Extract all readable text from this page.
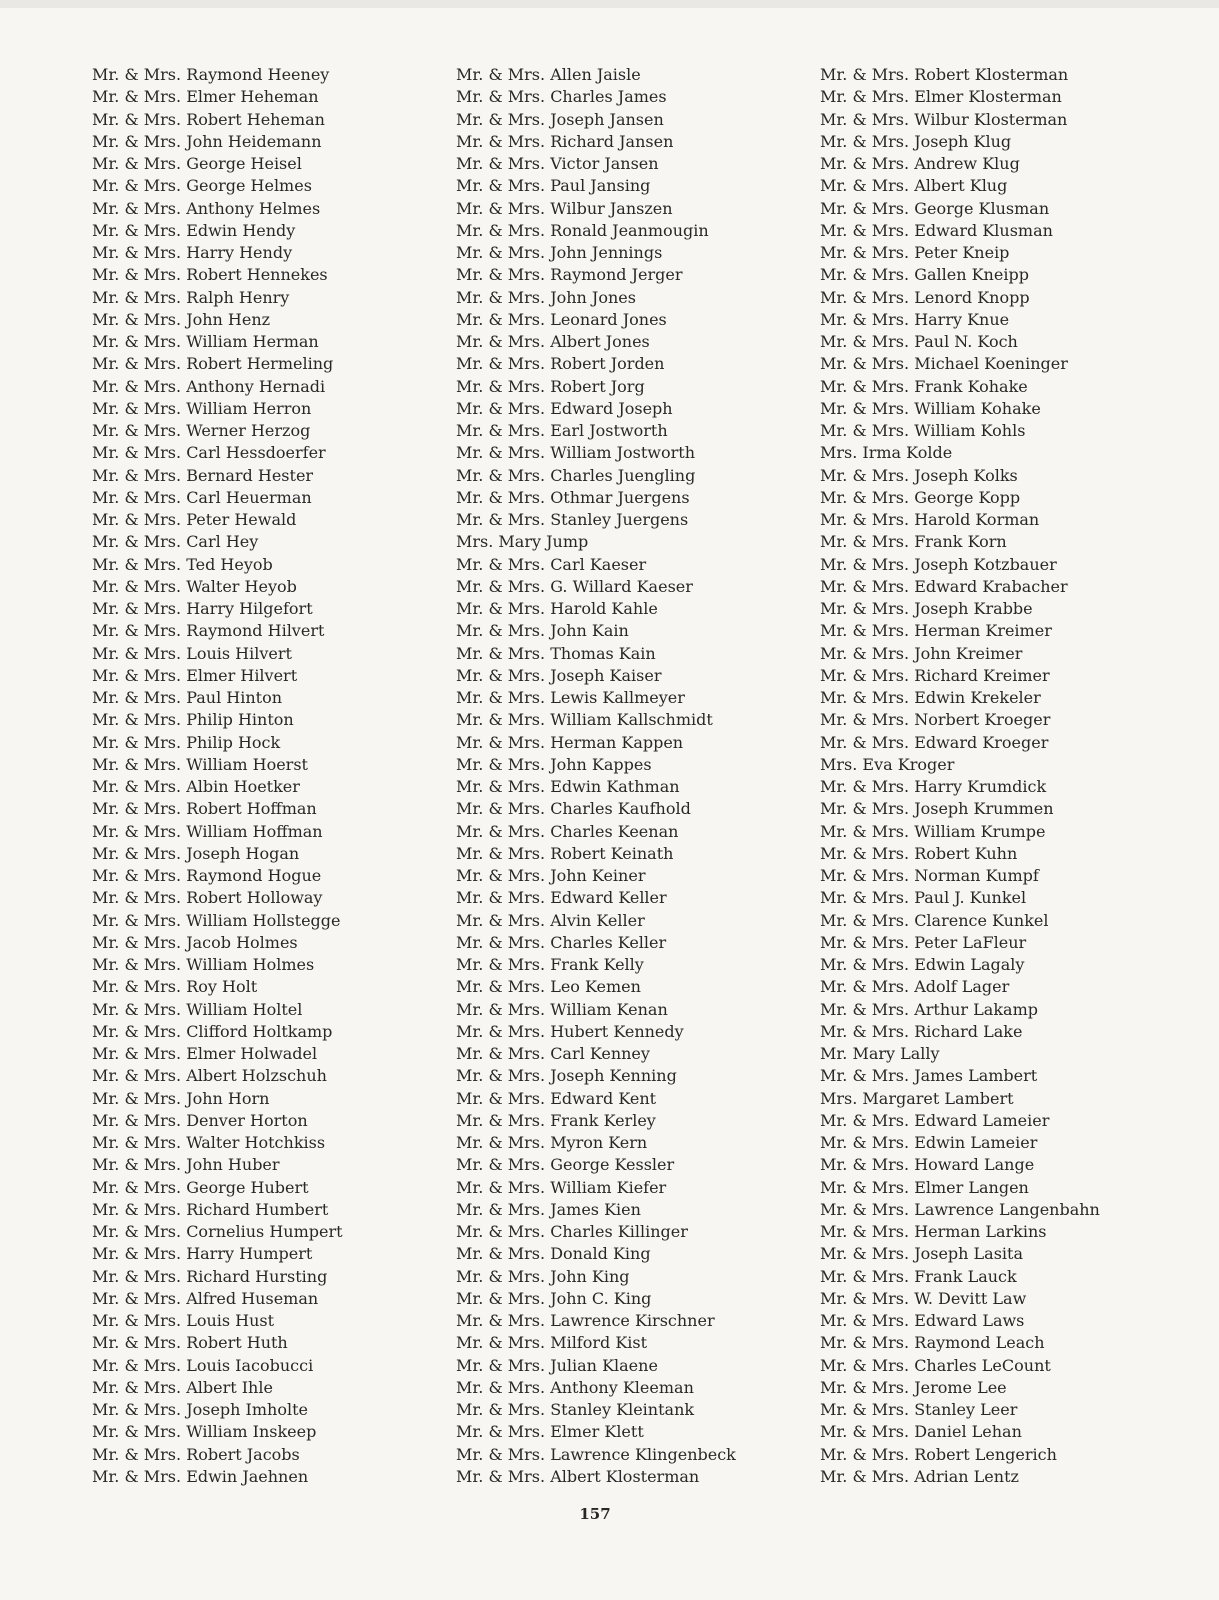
Mr. & Mrs. Raymond Heeney
Mr. & Mrs. Elmer Heheman
Mr. & Mrs. Robert Heheman
Mr. & Mrs. John Heidemann
Mr. & Mrs. George Heisel
Mr. & Mrs. George Helmes
Mr. & Mrs. Anthony Helmes
Mr. & Mrs. Edwin Hendy
Mr. & Mrs. Harry Hendy
Mr. & Mrs. Robert Hennekes
Mr. & Mrs. Ralph Henry
Mr. & Mrs. John Henz
Mr. & Mrs. William Herman
Mr. & Mrs. Robert Hermeling
Mr. & Mrs. Anthony Hernadi
Mr. & Mrs. William Herron
Mr. & Mrs. Werner Herzog
Mr. & Mrs. Carl Hessdoerfer
Mr. & Mrs. Bernard Hester
Mr. & Mrs. Carl Heuerman
Mr. & Mrs. Peter Hewald
Mr. & Mrs. Carl Hey
Mr. & Mrs. Ted Heyob
Mr. & Mrs. Walter Heyob
Mr. & Mrs. Harry Hilgefort
Mr. & Mrs. Raymond Hilvert
Mr. & Mrs. Louis Hilvert
Mr. & Mrs. Elmer Hilvert
Mr. & Mrs. Paul Hinton
Mr. & Mrs. Philip Hinton
Mr. & Mrs. Philip Hock
Mr. & Mrs. William Hoerst
Mr. & Mrs. Albin Hoetker
Mr. & Mrs. Robert Hoffman
Mr. & Mrs. William Hoffman
Mr. & Mrs. Joseph Hogan
Mr. & Mrs. Raymond Hogue
Mr. & Mrs. Robert Holloway
Mr. & Mrs. William Hollstegge
Mr. & Mrs. Jacob Holmes
Mr. & Mrs. William Holmes
Mr. & Mrs. Roy Holt
Mr. & Mrs. William Holtel
Mr. & Mrs. Clifford Holtkamp
Mr. & Mrs. Elmer Holwadel
Mr. & Mrs. Albert Holzschuh
Mr. & Mrs. John Horn
Mr. & Mrs. Denver Horton
Mr. & Mrs. Walter Hotchkiss
Mr. & Mrs. John Huber
Mr. & Mrs. George Hubert
Mr. & Mrs. Richard Humbert
Mr. & Mrs. Cornelius Humpert
Mr. & Mrs. Harry Humpert
Mr. & Mrs. Richard Hursting
Mr. & Mrs. Alfred Huseman
Mr. & Mrs. Louis Hust
Mr. & Mrs. Robert Huth
Mr. & Mrs. Louis Iacobucci
Mr. & Mrs. Albert Ihle
Mr. & Mrs. Joseph Imholte
Mr. & Mrs. William Inskeep
Mr. & Mrs. Robert Jacobs
Mr. & Mrs. Edwin Jaehnen
Mr. & Mrs. Allen Jaisle
Mr. & Mrs. Charles James
Mr. & Mrs. Joseph Jansen
Mr. & Mrs. Richard Jansen
Mr. & Mrs. Victor Jansen
Mr. & Mrs. Paul Jansing
Mr. & Mrs. Wilbur Janszen
Mr. & Mrs. Ronald Jeanmougin
Mr. & Mrs. John Jennings
Mr. & Mrs. Raymond Jerger
Mr. & Mrs. John Jones
Mr. & Mrs. Leonard Jones
Mr. & Mrs. Albert Jones
Mr. & Mrs. Robert Jorden
Mr. & Mrs. Robert Jorg
Mr. & Mrs. Edward Joseph
Mr. & Mrs. Earl Jostworth
Mr. & Mrs. William Jostworth
Mr. & Mrs. Charles Juengling
Mr. & Mrs. Othmar Juergens
Mr. & Mrs. Stanley Juergens
Mrs. Mary Jump
Mr. & Mrs. Carl Kaeser
Mr. & Mrs. G. Willard Kaeser
Mr. & Mrs. Harold Kahle
Mr. & Mrs. John Kain
Mr. & Mrs. Thomas Kain
Mr. & Mrs. Joseph Kaiser
Mr. & Mrs. Lewis Kallmeyer
Mr. & Mrs. William Kallschmidt
Mr. & Mrs. Herman Kappen
Mr. & Mrs. John Kappes
Mr. & Mrs. Edwin Kathman
Mr. & Mrs. Charles Kaufhold
Mr. & Mrs. Charles Keenan
Mr. & Mrs. Robert Keinath
Mr. & Mrs. John Keiner
Mr. & Mrs. Edward Keller
Mr. & Mrs. Alvin Keller
Mr. & Mrs. Charles Keller
Mr. & Mrs. Frank Kelly
Mr. & Mrs. Leo Kemen
Mr. & Mrs. William Kenan
Mr. & Mrs. Hubert Kennedy
Mr. & Mrs. Carl Kenney
Mr. & Mrs. Joseph Kenning
Mr. & Mrs. Edward Kent
Mr. & Mrs. Frank Kerley
Mr. & Mrs. Myron Kern
Mr. & Mrs. George Kessler
Mr. & Mrs. William Kiefer
Mr. & Mrs. James Kien
Mr. & Mrs. Charles Killinger
Mr. & Mrs. Donald King
Mr. & Mrs. John King
Mr. & Mrs. John C. King
Mr. & Mrs. Lawrence Kirschner
Mr. & Mrs. Milford Kist
Mr. & Mrs. Julian Klaene
Mr. & Mrs. Anthony Kleeman
Mr. & Mrs. Stanley Kleintank
Mr. & Mrs. Elmer Klett
Mr. & Mrs. Lawrence Klingenbeck
Mr. & Mrs. Albert Klosterman
Mr. & Mrs. Robert Klosterman
Mr. & Mrs. Elmer Klosterman
Mr. & Mrs. Wilbur Klosterman
Mr. & Mrs. Joseph Klug
Mr. & Mrs. Andrew Klug
Mr. & Mrs. Albert Klug
Mr. & Mrs. George Klusman
Mr. & Mrs. Edward Klusman
Mr. & Mrs. Peter Kneip
Mr. & Mrs. Gallen Kneipp
Mr. & Mrs. Lenord Knopp
Mr. & Mrs. Harry Knue
Mr. & Mrs. Paul N. Koch
Mr. & Mrs. Michael Koeninger
Mr. & Mrs. Frank Kohake
Mr. & Mrs. William Kohake
Mr. & Mrs. William Kohls
Mrs. Irma Kolde
Mr. & Mrs. Joseph Kolks
Mr. & Mrs. George Kopp
Mr. & Mrs. Harold Korman
Mr. & Mrs. Frank Korn
Mr. & Mrs. Joseph Kotzbauer
Mr. & Mrs. Edward Krabacher
Mr. & Mrs. Joseph Krabbe
Mr. & Mrs. Herman Kreimer
Mr. & Mrs. John Kreimer
Mr. & Mrs. Richard Kreimer
Mr. & Mrs. Edwin Krekeler
Mr. & Mrs. Norbert Kroeger
Mr. & Mrs. Edward Kroeger
Mrs. Eva Kroger
Mr. & Mrs. Harry Krumdick
Mr. & Mrs. Joseph Krummen
Mr. & Mrs. William Krumpe
Mr. & Mrs. Robert Kuhn
Mr. & Mrs. Norman Kumpf
Mr. & Mrs. Paul J. Kunkel
Mr. & Mrs. Clarence Kunkel
Mr. & Mrs. Peter LaFleur
Mr. & Mrs. Edwin Lagaly
Mr. & Mrs. Adolf Lager
Mr. & Mrs. Arthur Lakamp
Mr. & Mrs. Richard Lake
Mr. Mary Lally
Mr. & Mrs. James Lambert
Mrs. Margaret Lambert
Mr. & Mrs. Edward Lameier
Mr. & Mrs. Edwin Lameier
Mr. & Mrs. Howard Lange
Mr. & Mrs. Elmer Langen
Mr. & Mrs. Lawrence Langenbahn
Mr. & Mrs. Herman Larkins
Mr. & Mrs. Joseph Lasita
Mr. & Mrs. Frank Lauck
Mr. & Mrs. W. Devitt Law
Mr. & Mrs. Edward Laws
Mr. & Mrs. Raymond Leach
Mr. & Mrs. Charles LeCount
Mr. & Mrs. Jerome Lee
Mr. & Mrs. Stanley Leer
Mr. & Mrs. Daniel Lehan
Mr. & Mrs. Robert Lengerich
Mr. & Mrs. Adrian Lentz
157
